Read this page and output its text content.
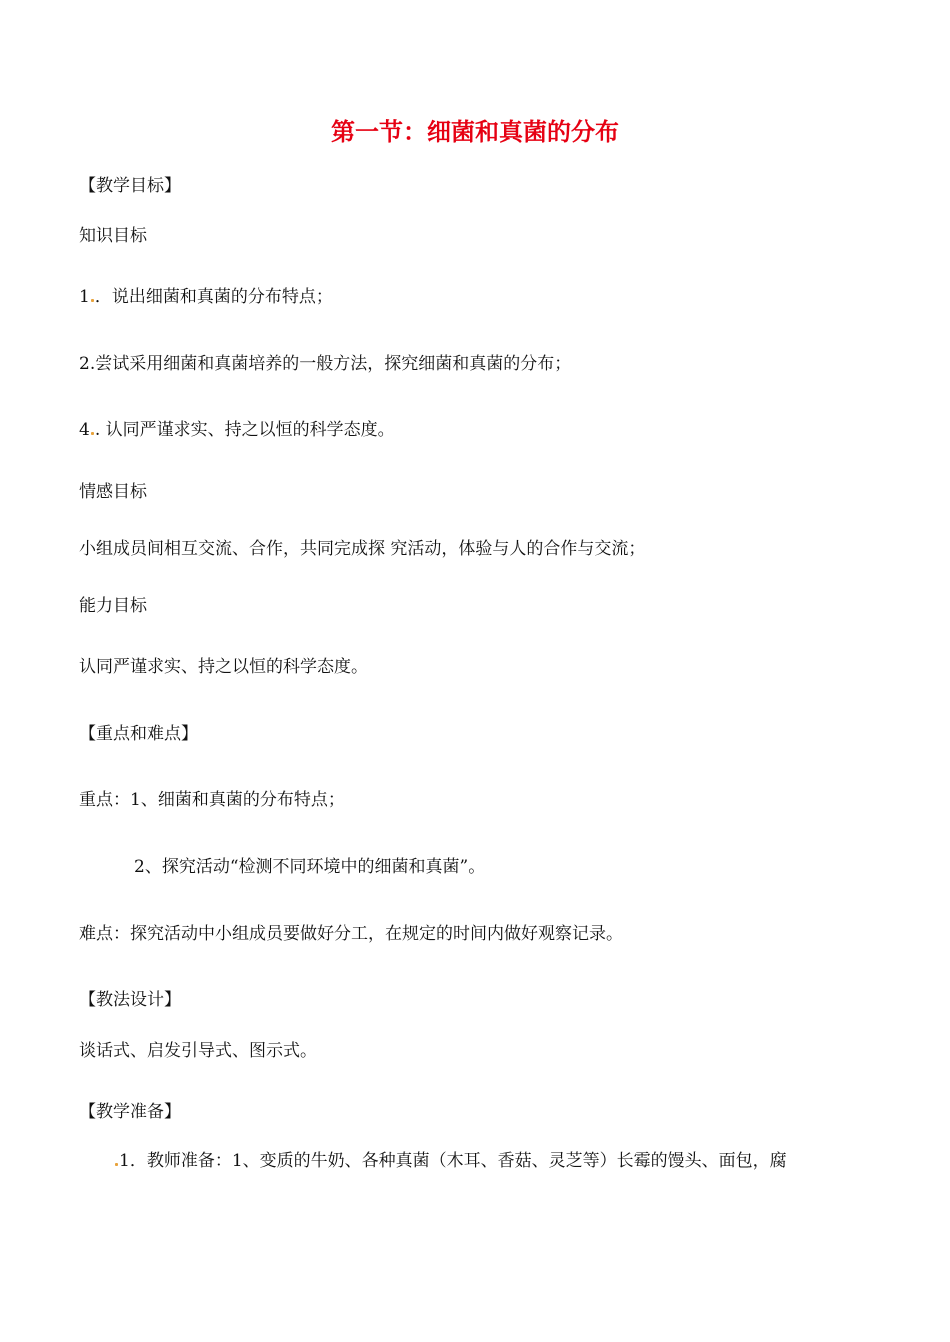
第一节：细菌和真菌的分布
【教学目标】
知识目标
1 ．说出细菌和真菌的分布特点；
2.尝试采用细菌和真菌培养的一般方法，探究细菌和真菌的分布；
4 . 认同严谨求实、持之以恒的科学态度。
情感目标
小组成员间相互交流、合作，共同完成探 究活动，体验与人的合作与交流；
能力目标
认同严谨求实、持之以恒的科学态度。
【重点和难点】
重点：1、细菌和真菌的分布特点；
2、探究活动“检测不同环境中的细菌和真菌”。
难点：探究活动中小组成员要做好分工，在规定的时间内做好观察记录。
【教法设计】
谈话式、启发引导式、图示式。
【教学准备】
1．教师准备：1、变质的牛奶、各种真菌（木耳、香菇、灵芝等）长霉的馒头、面包，腐
